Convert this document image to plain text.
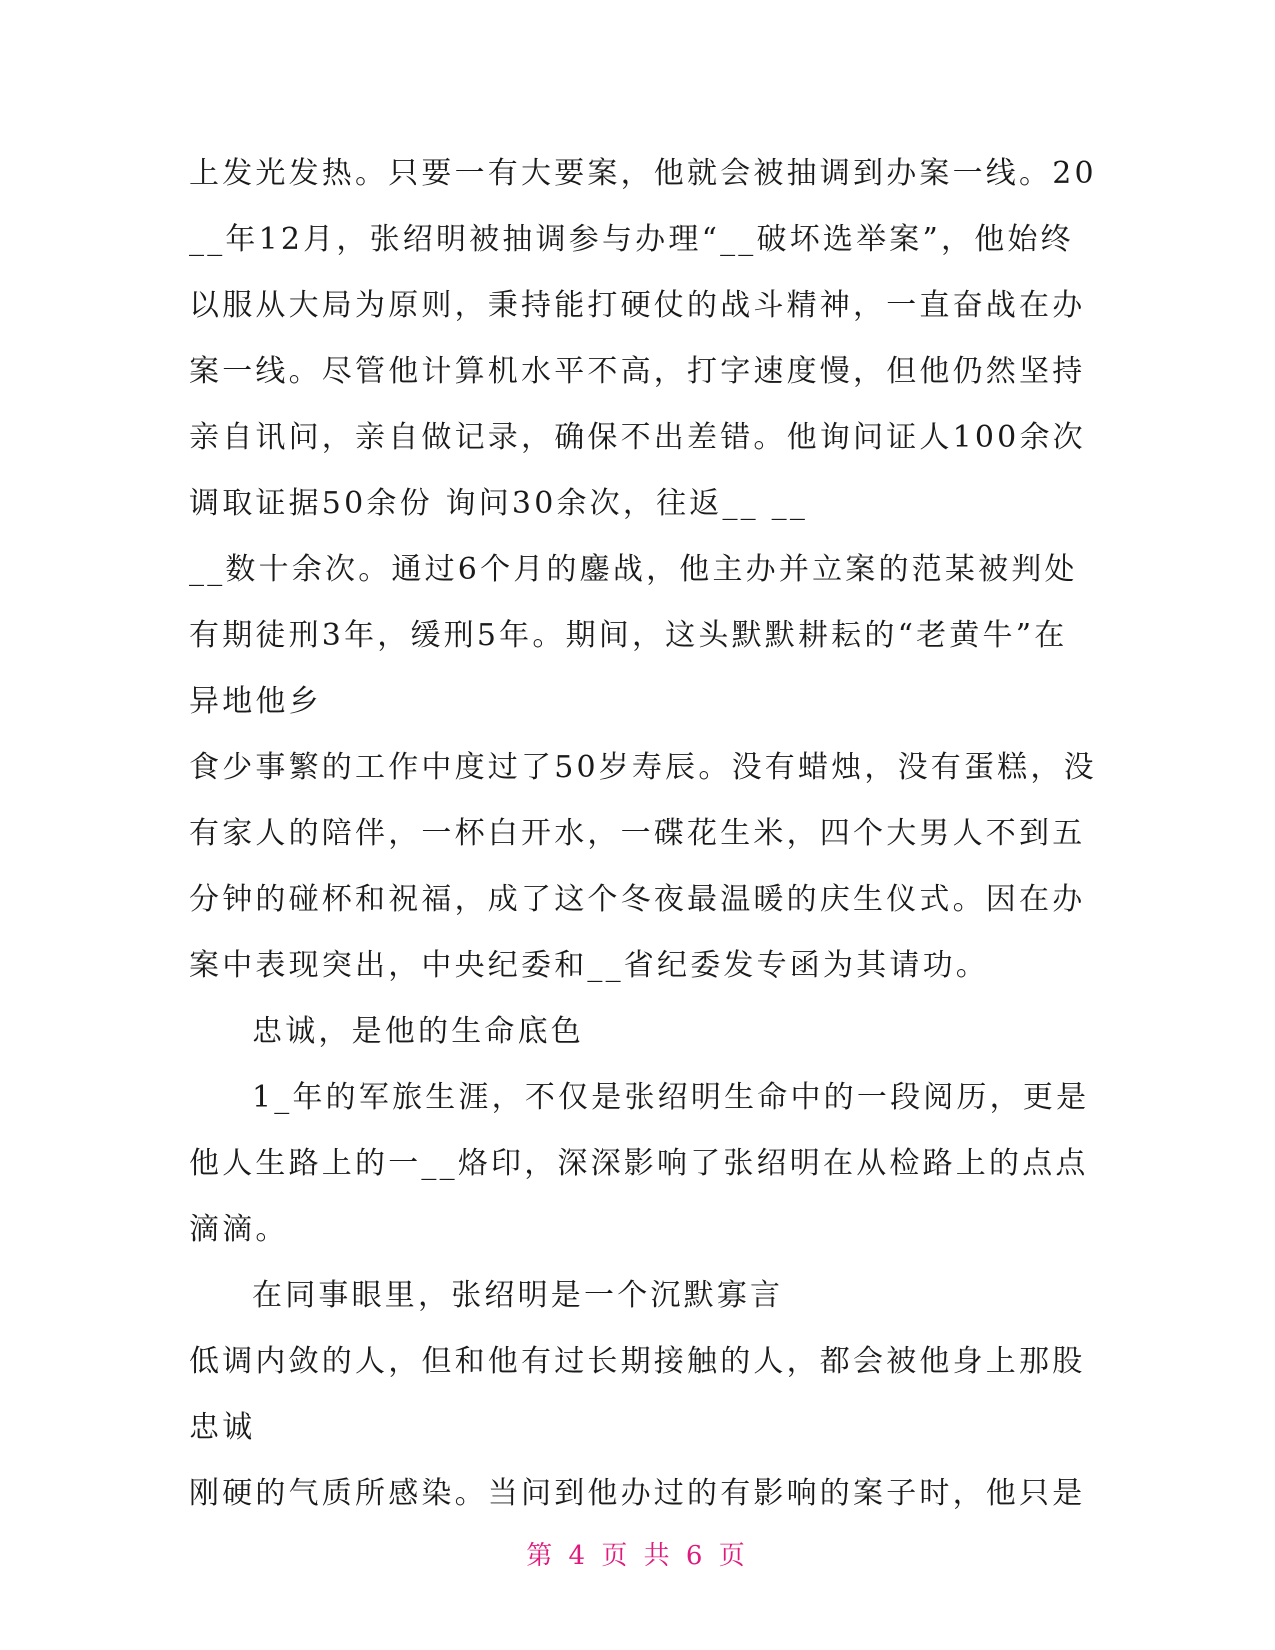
上发光发热。只要一有大要案，他就会被抽调到办案一线。20
__年12月，张绍明被抽调参与办理“__破坏选举案”，他始终
以服从大局为原则，秉持能打硬仗的战斗精神，一直奋战在办
案一线。尽管他计算机水平不高，打字速度慢，但他仍然坚持
亲自讯问，亲自做记录，确保不出差错。他询问证人100余次
调取证据50余份 询问30余次，往返__ __
__数十余次。通过6个月的鏖战，他主办并立案的范某被判处
有期徒刑3年，缓刑5年。期间，这头默默耕耘的“老黄牛”在
异地他乡
食少事繁的工作中度过了50岁寿辰。没有蜡烛，没有蛋糕，没
有家人的陪伴，一杯白开水，一碟花生米，四个大男人不到五
分钟的碰杯和祝福，成了这个冬夜最温暖的庆生仪式。因在办
案中表现突出，中央纪委和__省纪委发专函为其请功。
忠诚，是他的生命底色
1_年的军旅生涯，不仅是张绍明生命中的一段阅历，更是
他人生路上的一__烙印，深深影响了张绍明在从检路上的点点
滴滴。
在同事眼里，张绍明是一个沉默寡言
低调内敛的人，但和他有过长期接触的人，都会被他身上那股
忠诚
刚硬的气质所感染。当问到他办过的有影响的案子时，他只是
第 4 页 共 6 页
